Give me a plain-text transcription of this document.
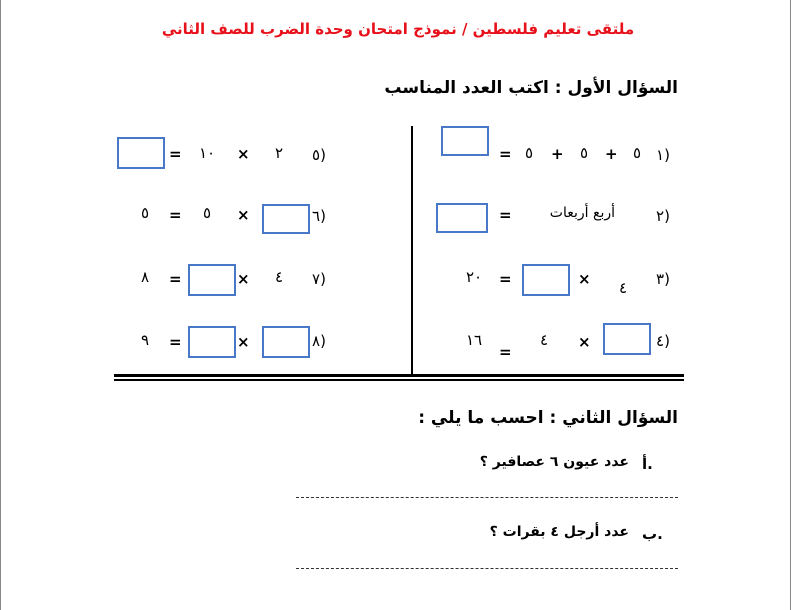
ملتقى تعليم فلسطين / نموذج امتحان وحدة الضرب للصف الثاني
السؤال الأول : اكتب العدد المناسب
١)
٥
+
٥
+
٥
=
٢)
أربع أربعات
=
٣)
٤
×
=
٢٠
٤)
×
٤
=
١٦
٥)
٢
×
١٠
=
٦)
×
٥
=
٥
٧)
٤
×
=
٨
٨)
×
=
٩
السؤال الثاني : احسب ما يلي :
أ.
عدد عيون ٦ عصافير ؟
ب.
عدد أرجل ٤ بقرات ؟
